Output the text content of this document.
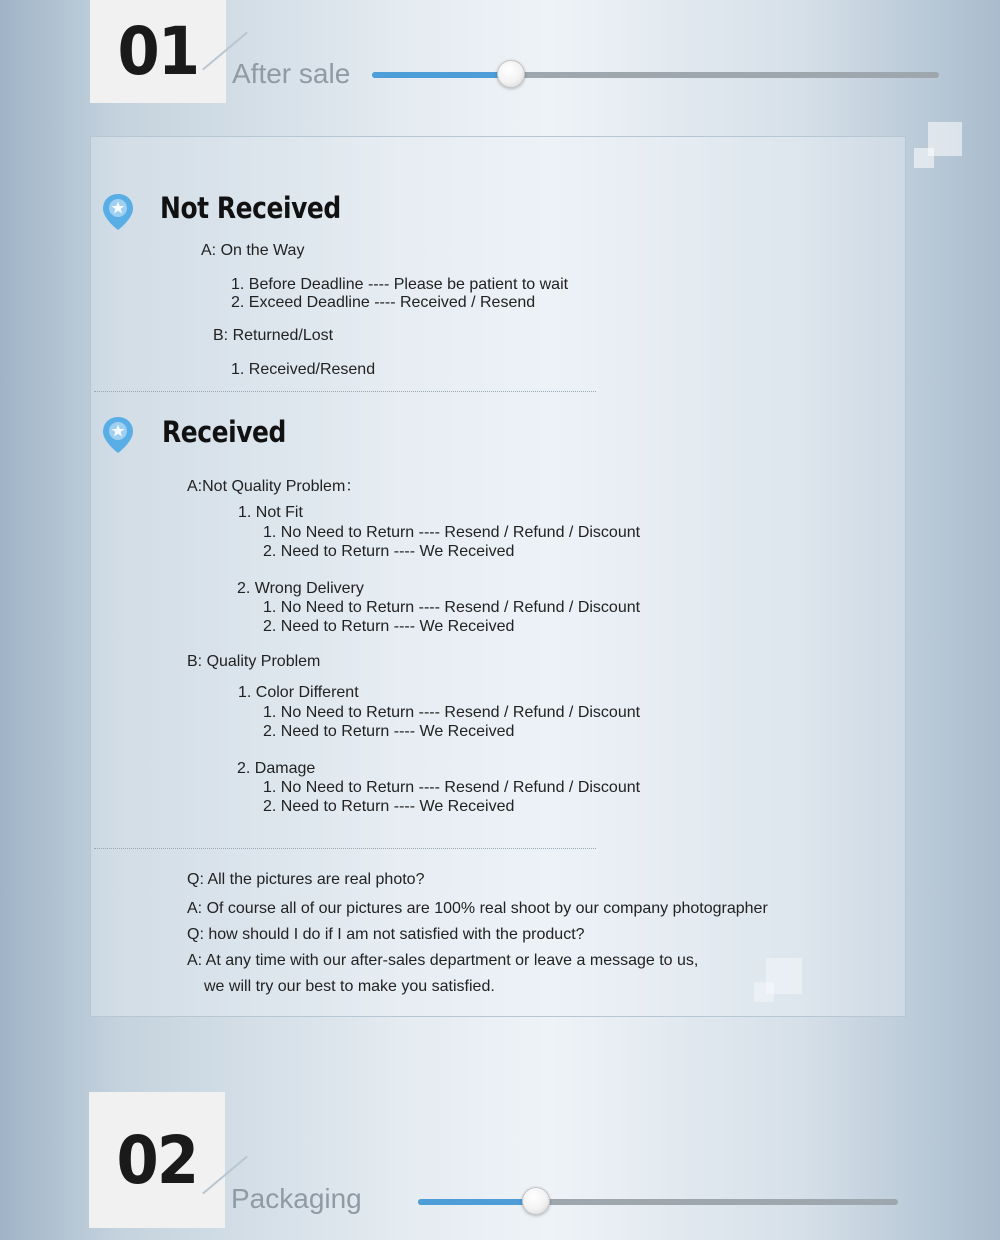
01 After sale
Not Received
A: On the Way
1. Before Deadline ---- Please be patient to wait
2. Exceed Deadline ---- Received / Resend
B: Returned/Lost
1. Received/Resend
Received
A:Not Quality Problem：
1. Not Fit
1. No Need to Return ---- Resend / Refund / Discount
2. Need to Return ---- We Received
2. Wrong Delivery
1. No Need to Return ---- Resend / Refund / Discount
2. Need to Return ---- We Received
B: Quality Problem
1. Color Different
1. No Need to Return ---- Resend / Refund / Discount
2. Need to Return ---- We Received
2. Damage
1. No Need to Return ---- Resend / Refund / Discount
2. Need to Return ---- We Received
Q: All the pictures are real photo?
A: Of course all of our pictures are 100% real shoot by our company photographer
Q: how should I do if I am not satisfied with the product?
A: At any time with our after-sales department or leave a message to us,
we will try our best to make you satisfied.
02 Packaging
